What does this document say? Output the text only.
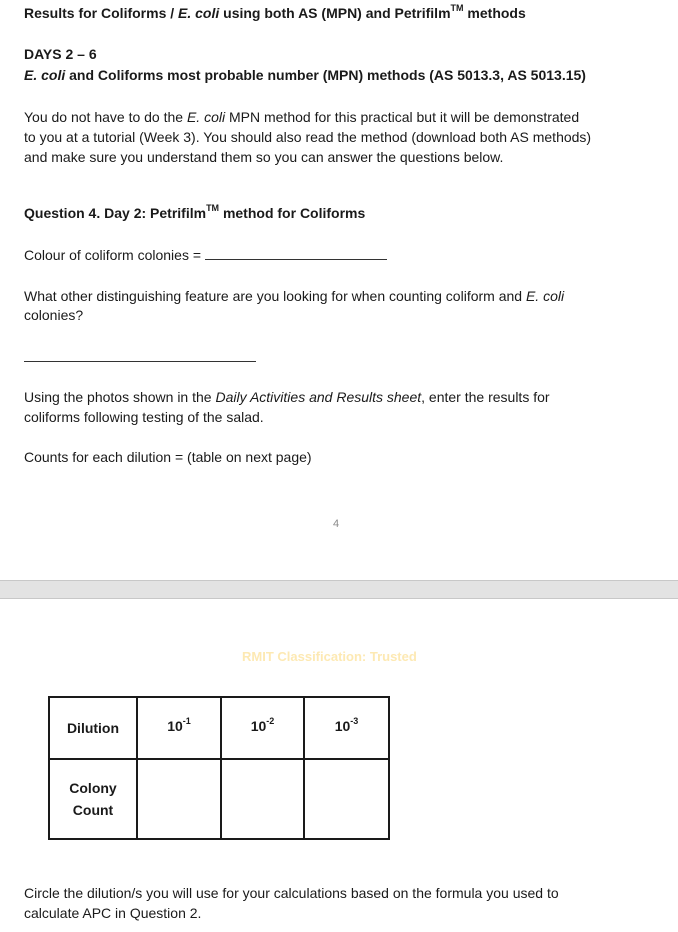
Results for Coliforms / E. coli using both AS (MPN) and Petrifilm™ methods
DAYS 2 – 6
E. coli and Coliforms most probable number (MPN) methods (AS 5013.3, AS 5013.15)
You do not have to do the E. coli MPN method for this practical but it will be demonstrated
to you at a tutorial (Week 3). You should also read the method (download both AS methods)
and make sure you understand them so you can answer the questions below.
Question 4. Day 2: Petrifilm™ method for Coliforms
Colour of coliform colonies =
What other distinguishing feature are you looking for when counting coliform and E. coli
colonies?
Using the photos shown in the Daily Activities and Results sheet, enter the results for
coliforms following testing of the salad.
Counts for each dilution = (table on next page)
4
RMIT Classification: Trusted
Dilution	$10^{-1}$	$10^{-2}$	$10^{-3}$

Colony
Count			

Circle the dilution/s you will use for your calculations based on the formula you used to
calculate APC in Question 2.
